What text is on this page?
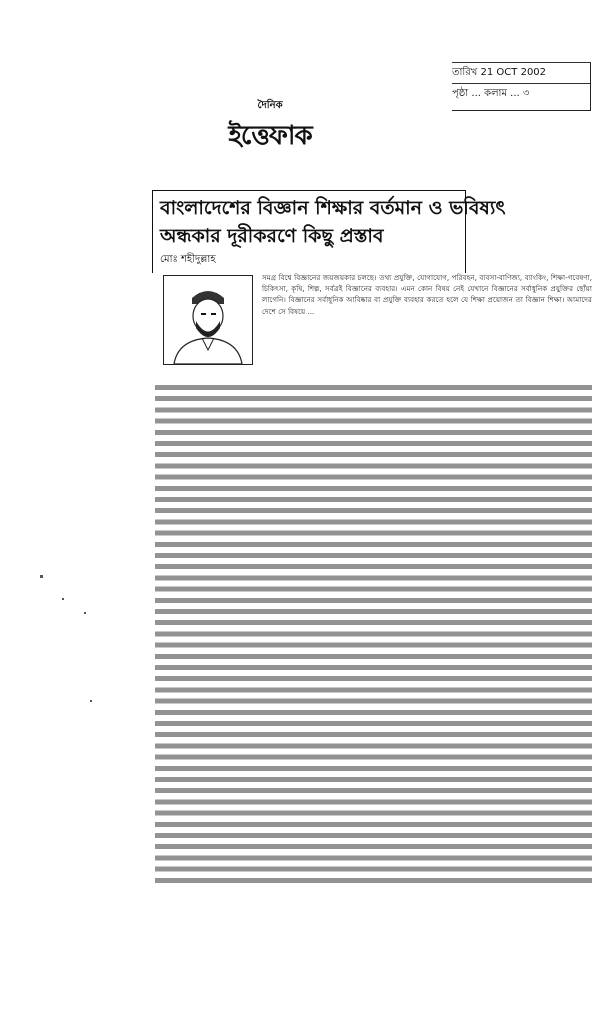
তারিখ 21 OCT 2002
পৃষ্ঠা ... কলাম ... ৩
দৈনিক
ইত্তেফাক
বাংলাদেশের বিজ্ঞান শিক্ষার বর্তমান ও ভবিষ্যৎ
অন্ধকার দূরীকরণে কিছু প্রস্তাব
মোঃ শহীদুল্লাহ
সমগ্র বিশ্বে বিজ্ঞানের জয়জয়কার চলছে। তথ্য প্রযুক্তি, যোগাযোগ, পরিবহন, ব্যবসা-বাণিজ্য, ব্যাংকিং, শিক্ষা-গবেষণা, চিকিৎসা, কৃষি, শিল্প, সর্বত্রই বিজ্ঞানের ব্যবহার। এমন কোন বিষয় নেই যেখানে বিজ্ঞানের সর্বাধুনিক প্রযুক্তির ছোঁয়া লাগেনি। বিজ্ঞানের সর্বাধুনিক আবিষ্কার বা প্রযুক্তি ব্যবহার করতে হলে যে শিক্ষা প্রয়োজন তা বিজ্ঞান শিক্ষা। আমাদের দেশে সে বিষয়ে ...
